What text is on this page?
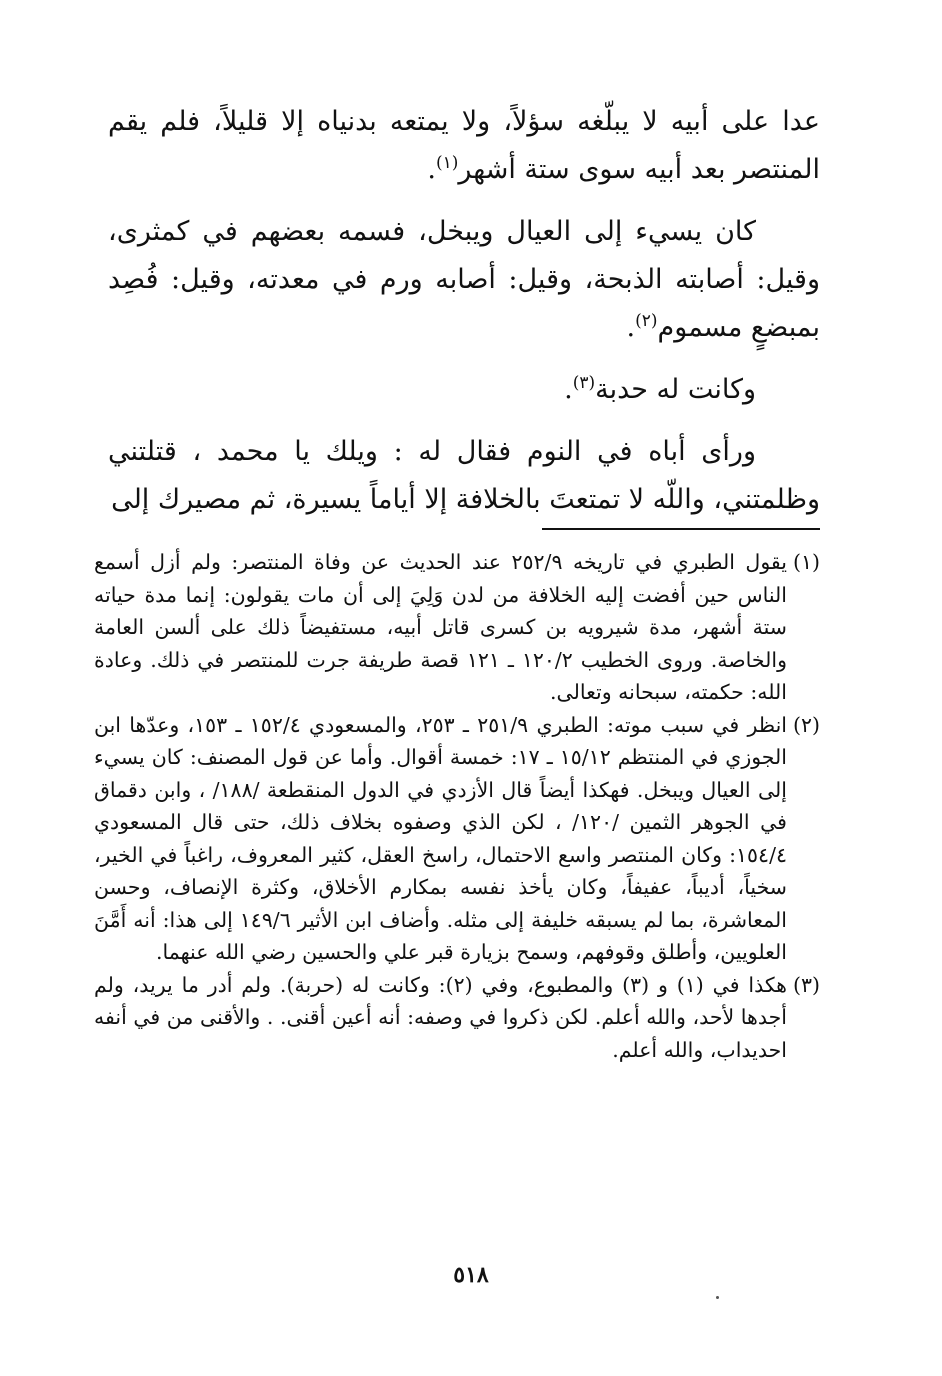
عدا على أبيه لا يبلّغه سؤلاً، ولا يمتعه بدنياه إلا قليلاً، فلم يقم المنتصر بعد أبيه سوى ستة أشهر$^{(١)}$.

كان يسيء إلى العيال ويبخل، فسمه بعضهم في كمثرى، وقيل: أصابته الذبحة، وقيل: أصابه ورم في معدته، وقيل: فُصِد بمبضعٍ مسموم$^{(٢)}$.

وكانت له حدبة$^{(٣)}$.

ورأى أباه في النوم فقال له : ويلك يا محمد ، قتلتني وظلمتني، واللّه لا تمتعتَ بالخلافة إلا أياماً يسيرة، ثم مصيرك إلى

(١)
يقول الطبري في تاريخه ٢٥٢/٩ عند الحديث عن وفاة المنتصر: ولم أزل أسمع الناس حين أفضت إليه الخلافة من لدن وَلِيَ إلى أن مات يقولون: إنما مدة حياته ستة أشهر، مدة شيرويه بن كسرى قاتل أبيه، مستفيضاً ذلك على ألسن العامة والخاصة. وروى الخطيب ١٢٠/٢ ـ ١٢١ قصة طريفة جرت للمنتصر في ذلك. وعادة الله: حكمته، سبحانه وتعالى.
(٢)
انظر في سبب موته: الطبري ٢٥١/٩ ـ ٢٥٣، والمسعودي ١٥٢/٤ ـ ١٥٣، وعدّها ابن الجوزي في المنتظم ١٥/١٢ ـ ١٧: خمسة أقوال. وأما عن قول المصنف: كان يسيء إلى العيال ويبخل. فهكذا أيضاً قال الأزدي في الدول المنقطعة /١٨٨/ ، وابن دقماق في الجوهر الثمين /١٢٠/ ، لكن الذي وصفوه بخلاف ذلك، حتى قال المسعودي ١٥٤/٤: وكان المنتصر واسع الاحتمال، راسخ العقل، كثير المعروف، راغباً في الخير، سخياً، أديباً، عفيفاً، وكان يأخذ نفسه بمكارم الأخلاق، وكثرة الإنصاف، وحسن المعاشرة، بما لم يسبقه خليفة إلى مثله. وأضاف ابن الأثير ١٤٩/٦ إلى هذا: أنه أَمَّنَ العلويين، وأطلق وقوفهم، وسمح بزيارة قبر علي والحسين رضي الله عنهما.
(٣)
هكذا في (١) و (٣) والمطبوع، وفي (٢): وكانت له (حربة). ولم أدر ما يريد، ولم أجدها لأحد، والله أعلم. لكن ذكروا في وصفه: أنه أعين أقنى. . والأقنى من في أنفه احديداب، والله أعلم.
٥١٨
